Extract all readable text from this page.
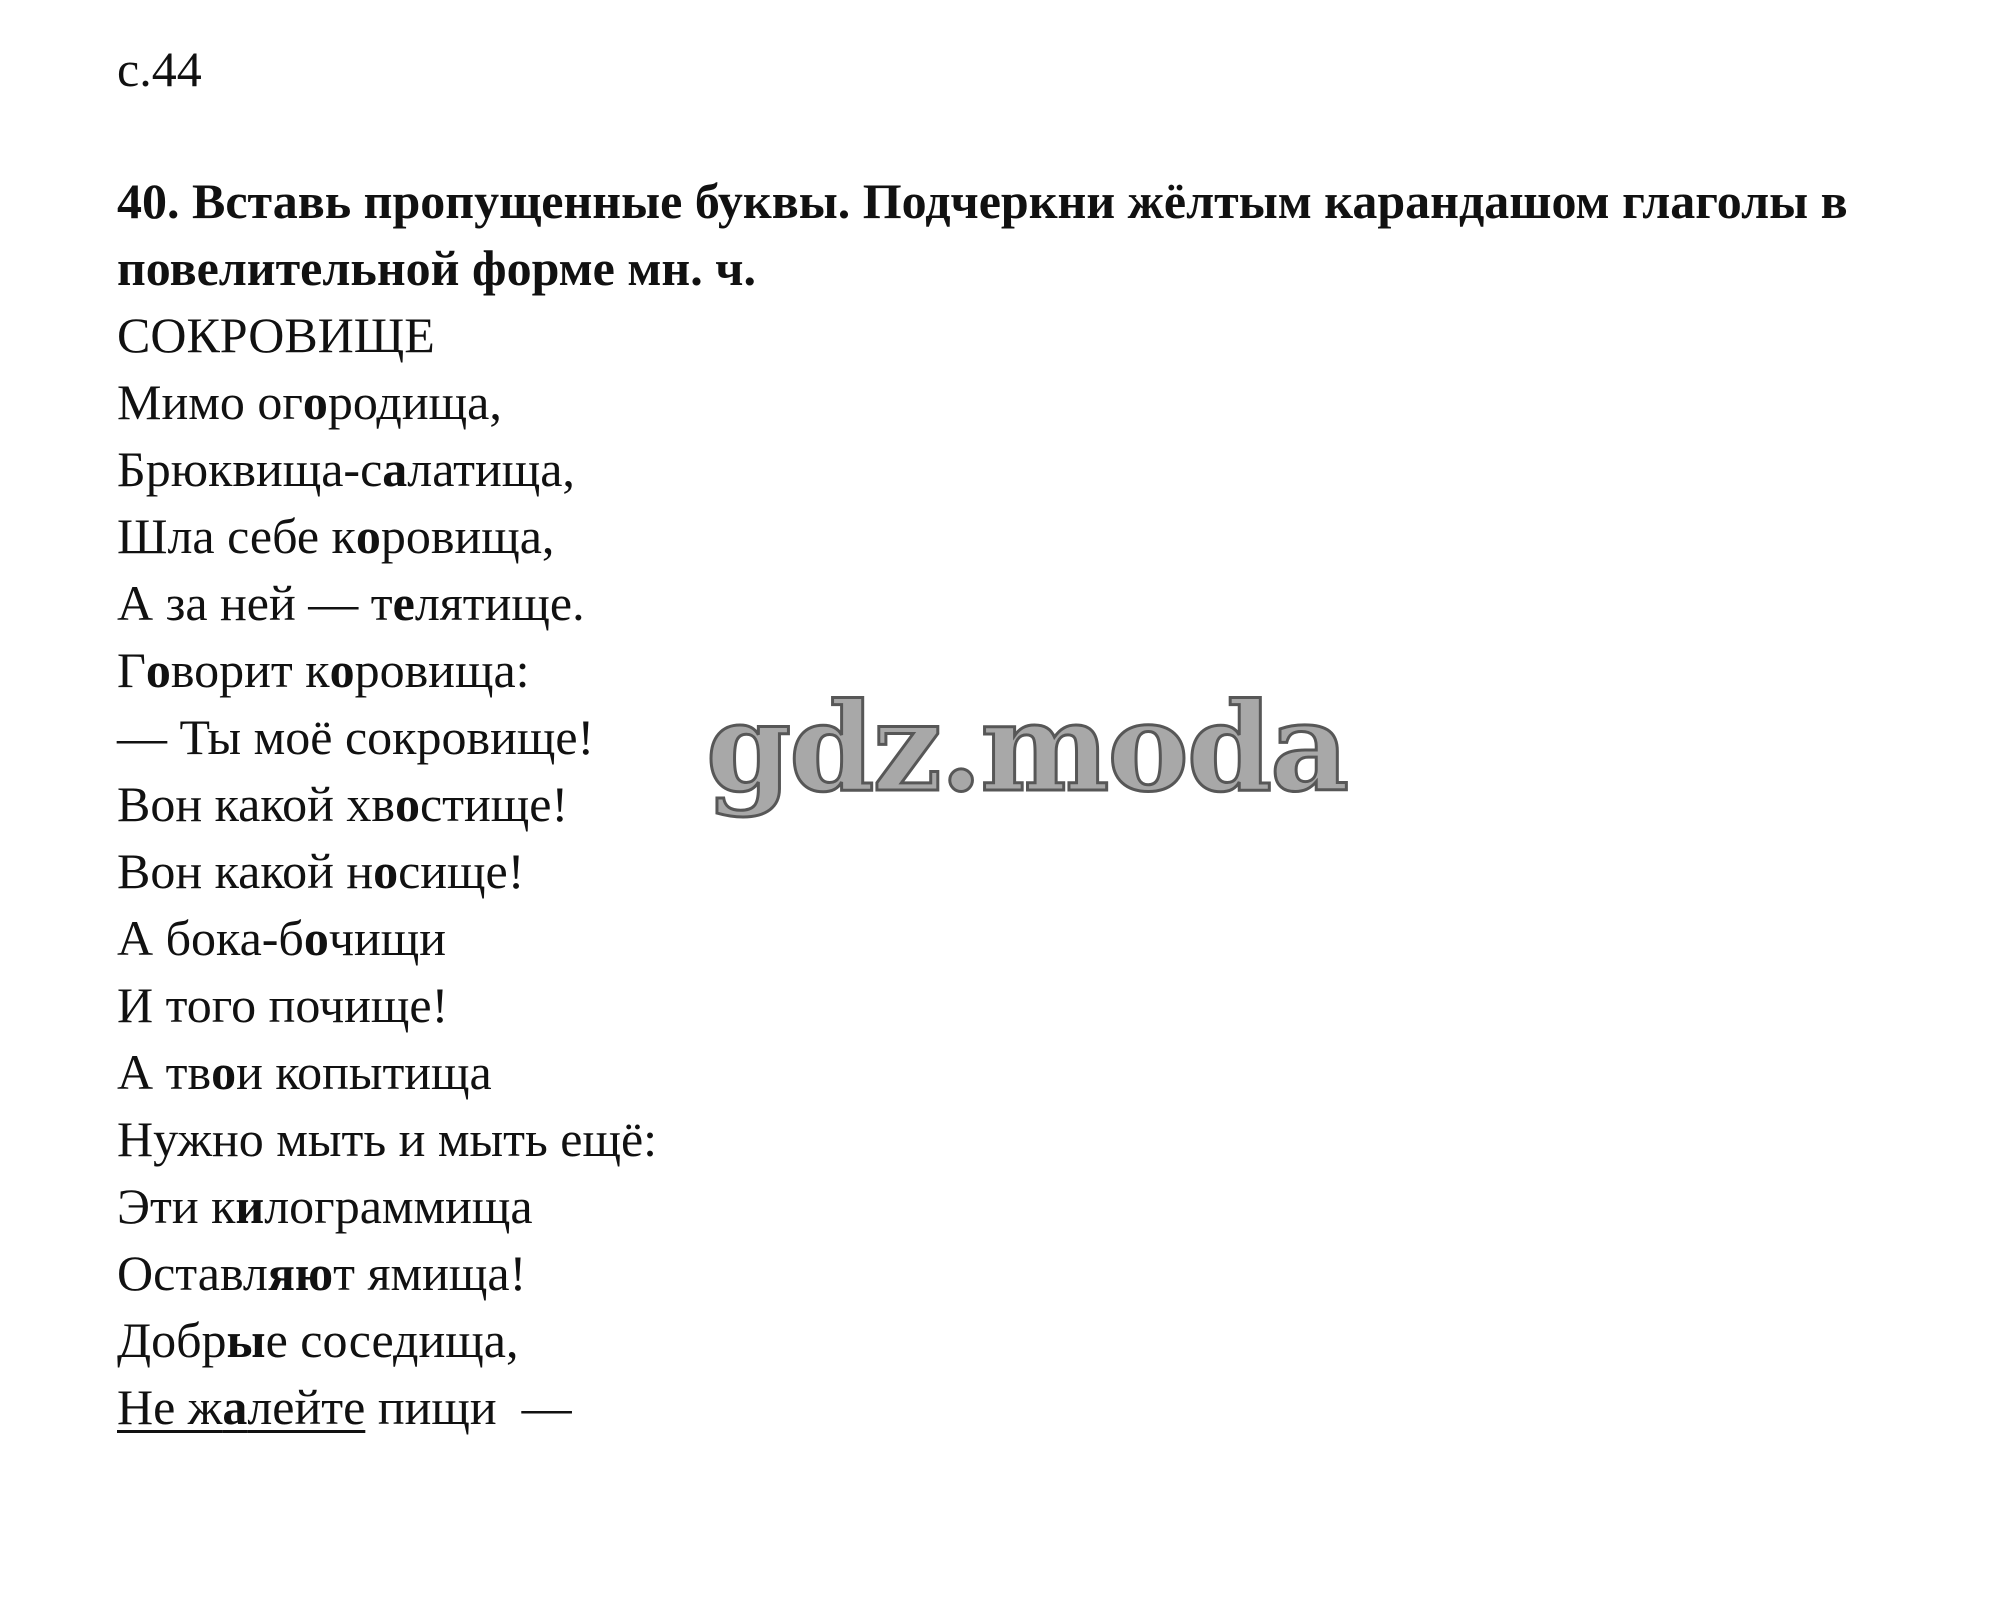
с.44

40. Вставь пропущенные буквы. Подчеркни жёлтым карандашом глаголы в повелительной форме мн. ч.

СОКРОВИЩЕ

Мимо огородища,

Брюквища-салатища,

Шла себе коровища,

А за ней — телятище.

Говорит коровища:

— Ты моё сокровище!

Вон какой хвостище!

Вон какой носище!

А бока-бочищи

И того почище!

А твои копытища

Нужно мыть и мыть ещё:

Эти килограммища

Оставляют ямища!

Добрые соседища,

Не жалейте пищи  —

gdz.moda
